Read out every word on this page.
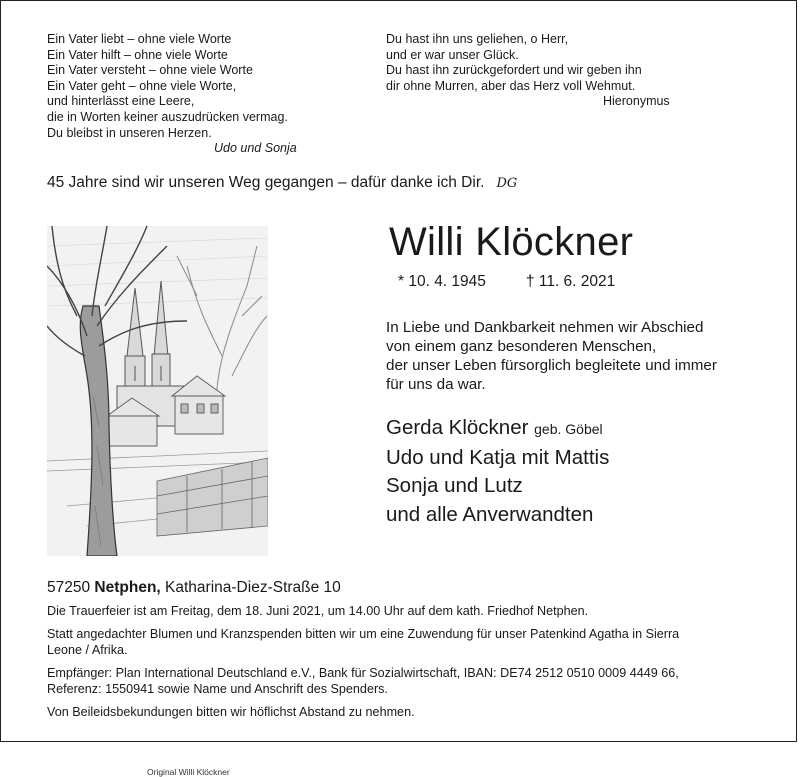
Ein Vater liebt – ohne viele Worte
Ein Vater hilft – ohne viele Worte
Ein Vater versteht – ohne viele Worte
Ein Vater geht – ohne viele Worte,
und hinterlässt eine Leere,
die in Worten keiner auszudrücken vermag.
Du bleibst in unseren Herzen.
Udo und Sonja
Du hast ihn uns geliehen, o Herr,
und er war unser Glück.
Du hast ihn zurückgefordert und wir geben ihn
dir ohne Murren, aber das Herz voll Wehmut.
Hieronymus
45 Jahre sind wir unseren Weg gegangen – dafür danke ich Dir. DG
Original Willi Klöckner
Willi Klöckner
* 10. 4. 1945	† 11. 6. 2021
In Liebe und Dankbarkeit nehmen wir Abschied
von einem ganz besonderen Menschen,
der unser Leben fürsorglich begleitete und immer
für uns da war.
Gerda Klöckner geb. Göbel
Udo und Katja mit Mattis
Sonja und Lutz
und alle Anverwandten
57250 Netphen, Katharina-Diez-Straße 10

Die Trauerfeier ist am Freitag, dem 18. Juni 2021, um 14.00 Uhr auf dem kath. Friedhof Netphen.

Statt angedachter Blumen und Kranzspenden bitten wir um eine Zuwendung für unser Patenkind Agatha in Sierra
Leone / Afrika.

Empfänger: Plan International Deutschland e.V., Bank für Sozialwirtschaft, IBAN: DE74 2512 0510 0009 4449 66,
Referenz: 1550941 sowie Name und Anschrift des Spenders.

Von Beileidsbekundungen bitten wir höflichst Abstand zu nehmen.
